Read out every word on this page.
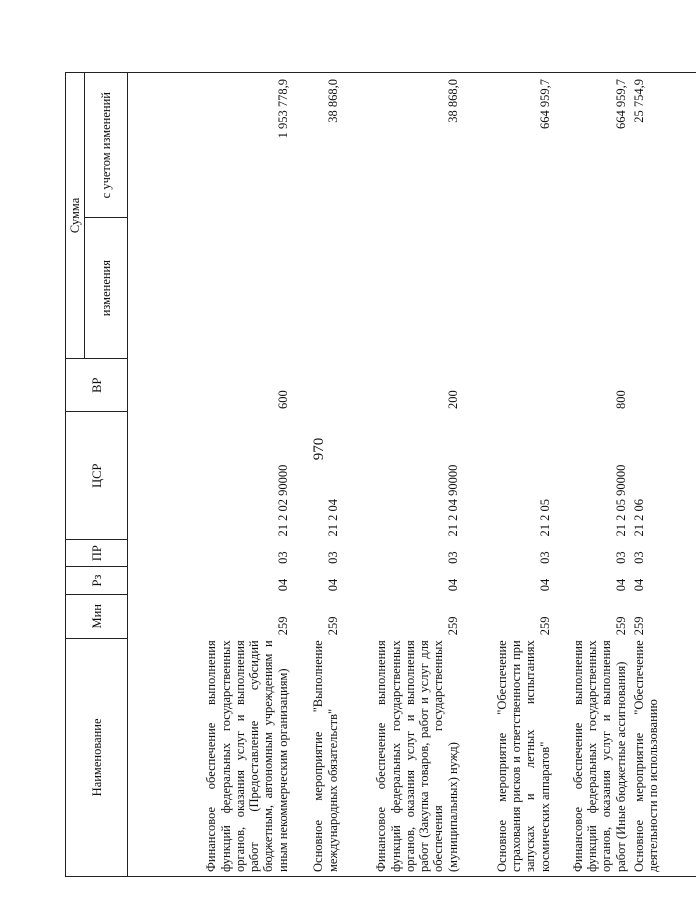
970
Наименование	Мин	Рз	ПР	ЦСР	ВР	Сумма	
						изменения	с учетом изменений
Финансовое обеспечение выполнения функций федеральных государственных органов, оказания услуг и выполнения работ (Предоставление субсидий бюджетным, автономным учреждениям и иным некоммерческим организациям)	259	04	03	21 2 02 90000	600		1 953 778,9
Основное мероприятие "Выполнение международных обязательств"	259	04	03	21 2 04			38 868,0
Финансовое обеспечение выполнения функций федеральных государственных органов, оказания услуг и выполнения работ (Закупка товаров, работ и услуг для обеспечения государственных (муниципальных) нужд)	259	04	03	21 2 04 90000	200		38 868,0
Основное мероприятие "Обеспечение страхования рисков и ответственности при запусках и летных испытаниях космических аппаратов"	259	04	03	21 2 05			664 959,7
Финансовое обеспечение выполнения функций федеральных государственных органов, оказания услуг и выполнения работ (Иные бюджетные ассигнования)	259	04	03	21 2 05 90000	800		664 959,7
Основное мероприятие "Обеспечение деятельности по использованию	259	04	03	21 2 06			25 754,9
